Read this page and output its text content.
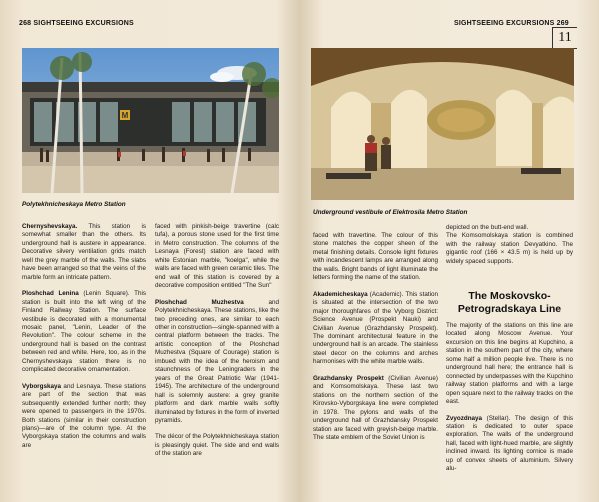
268 SIGHTSEEING EXCURSIONS
M
Polytekhnicheskaya Metro Station

Chernyshevskaya. This station is somewhat smaller than the others. Its underground hall is austere in appearance. Decorative silvery ventilation grids match well the grey marble of the walls. The slabs have been arranged so that the veins of the marble form an intricate pattern.

Ploshchad Lenina (Lenin Square). This station is built into the left wing of the Finland Railway Station. The surface vestibule is decorated with a monumental mosaic panel, "Lenin, Leader of the Revolution". The colour scheme in the underground hall is based on the contrast between red and white. Here, too, as in the Chernyshevskaya station there is no complicated decorative ornamentation.

Vyborgskaya and Lesnaya. These stations are part of the section that was subsequently extended further north; they were opened to passengers in the 1970s. Both stations (similar in their construction plans)—are of the column type. At the Vyborgskaya station the columns and walls are

faced with pinkish-beige travertine (calc tufa), a porous stone used for the first time in Metro construction. The columns of the Lesnaya (Forest) station are faced with white Estonian marble, "koelga", while the walls are faced with green ceramic tiles. The end wall of this station is covered by a decorative composition entitled "The Sun"

Ploshchad Muzhestva and Polytekhnicheskaya. These stations, like the two preceding ones, are similar to each other in construction—single-spanned with a central platform between the tracks. The artistic conception of the Ploshchad Muzhestva (Square of Courage) station is imbued with the idea of the heroism and staunchness of the Leningraders in the years of the Great Patriotic War (1941-1945). The architecture of the underground hall is solemnly austere: a grey granite platform and dark marble walls softly illuminated by fixtures in the form of inverted pyramids.

The décor of the Polytekhnicheskaya station is pleasingly quiet. The side and end walls of the station are

SIGHTSEEING EXCURSIONS 269
11
Underground vestibule of Elektrosila Metro Station

faced with travertine. The colour of this stone matches the copper sheen of the metal finishing details. Console light fixtures with incandescent lamps are arranged along the walls. Bright bands of light illuminate the letters forming the name of the station.

Akademicheskaya (Academic). This station is situated at the intersection of the two major thoroughfares of the Vyborg District: Science Avenue (Prospekt Nauki) and Civilian Avenue (Grazhdansky Prospekt). The dominant architectural feature in the underground hall is an arcade. The stainless steel decor on the columns and arches harmonises with the white marble walls.

Grazhdansky Prospekt (Civilian Avenue) and Komsomolskaya. These last two stations on the northern section of the Kirovsko-Vyborgskaya line were completed in 1978. The pylons and walls of the underground hall of Grazhdansky Prospekt station are faced with greyish-beige marble. The state emblem of the Soviet Union is

depicted on the butt-end wall.

The Komsomolskaya station is combined with the railway station Devyatkino. The gigantic roof (166 × 43.5 m) is held up by widely spaced supports.

The Moskovsko-Petrogradskaya Line

The majority of the stations on this line are located along Moscow Avenue. Your excursion on this line begins at Kupchino, a station in the southern part of the city, where some half a million people live. There is no underground hall here; the entrance hall is connected by underpasses with the Kupchino railway station platforms and with a large open square next to the railway tracks on the east.

Zvyozdnaya (Stellar). The design of this station is dedicated to outer space exploration. The walls of the underground hall, faced with light-hued marble, are slightly inclined inward. Its lighting cornice is made up of convex sheets of aluminium. Silvery alu-
